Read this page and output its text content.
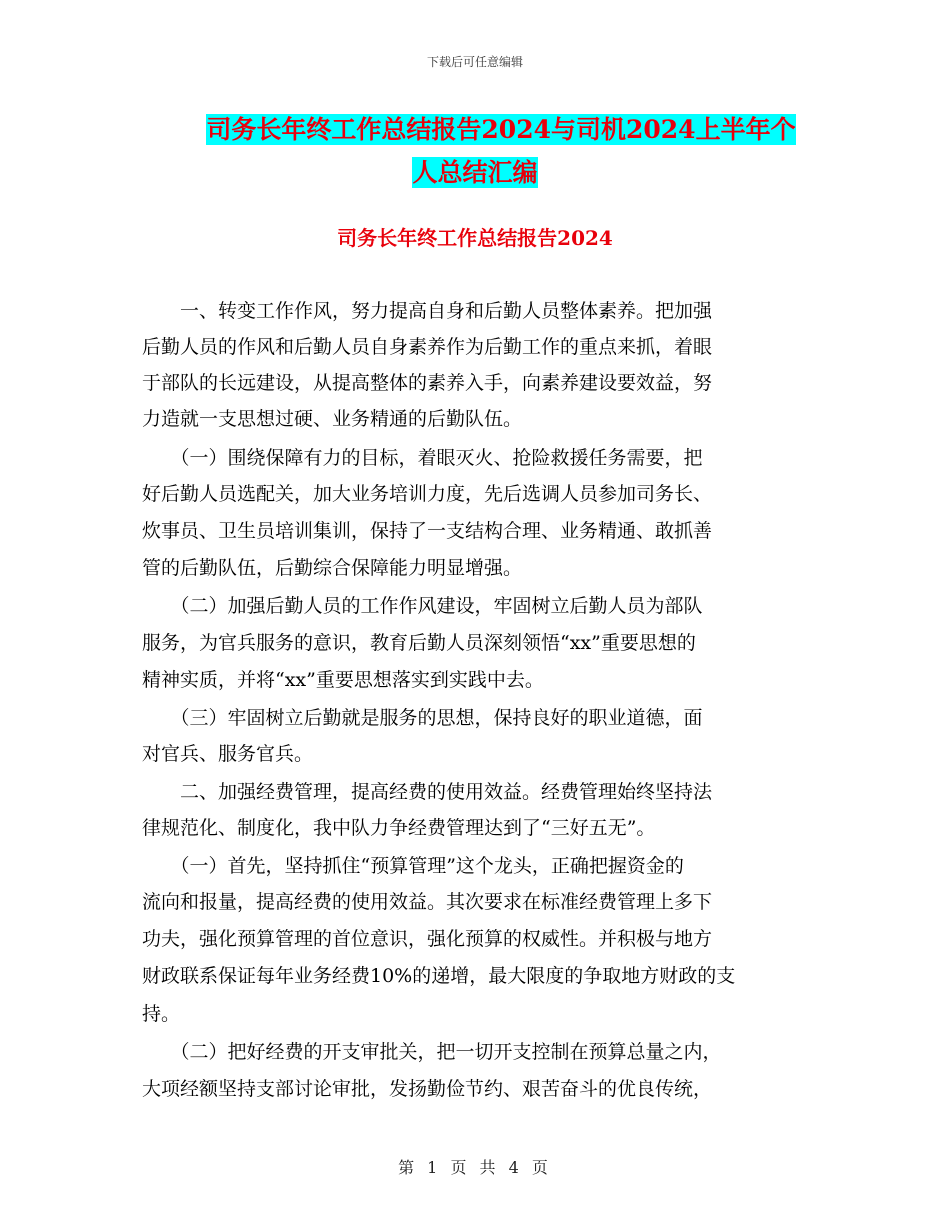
下载后可任意编辑
司务长年终工作总结报告2024与司机2024上半年个
人总结汇编
司务长年终工作总结报告2024
　　一、转变工作作风，努力提高自身和后勤人员整体素养。把加强
后勤人员的作风和后勤人员自身素养作为后勤工作的重点来抓，着眼
于部队的长远建设，从提高整体的素养入手，向素养建设要效益，努
力造就一支思想过硬、业务精通的后勤队伍。
　　（一）围绕保障有力的目标，着眼灭火、抢险救援任务需要，把
好后勤人员选配关，加大业务培训力度，先后选调人员参加司务长、
炊事员、卫生员培训集训，保持了一支结构合理、业务精通、敢抓善
管的后勤队伍，后勤综合保障能力明显增强。
　　（二）加强后勤人员的工作作风建设，牢固树立后勤人员为部队
服务，为官兵服务的意识，教育后勤人员深刻领悟“xx”重要思想的
精神实质，并将“xx”重要思想落实到实践中去。
　　（三）牢固树立后勤就是服务的思想，保持良好的职业道德，面
对官兵、服务官兵。
　　二、加强经费管理，提高经费的使用效益。经费管理始终坚持法
律规范化、制度化，我中队力争经费管理达到了“三好五无”。
　　（一）首先，坚持抓住“预算管理”这个龙头，正确把握资金的
流向和报量，提高经费的使用效益。其次要求在标准经费管理上多下
功夫，强化预算管理的首位意识，强化预算的权威性。并积极与地方
财政联系保证每年业务经费10%的递增，最大限度的争取地方财政的支
持。
　　（二）把好经费的开支审批关，把一切开支控制在预算总量之内，
大项经额坚持支部讨论审批，发扬勤俭节约、艰苦奋斗的优良传统，
第 1 页 共 4 页
